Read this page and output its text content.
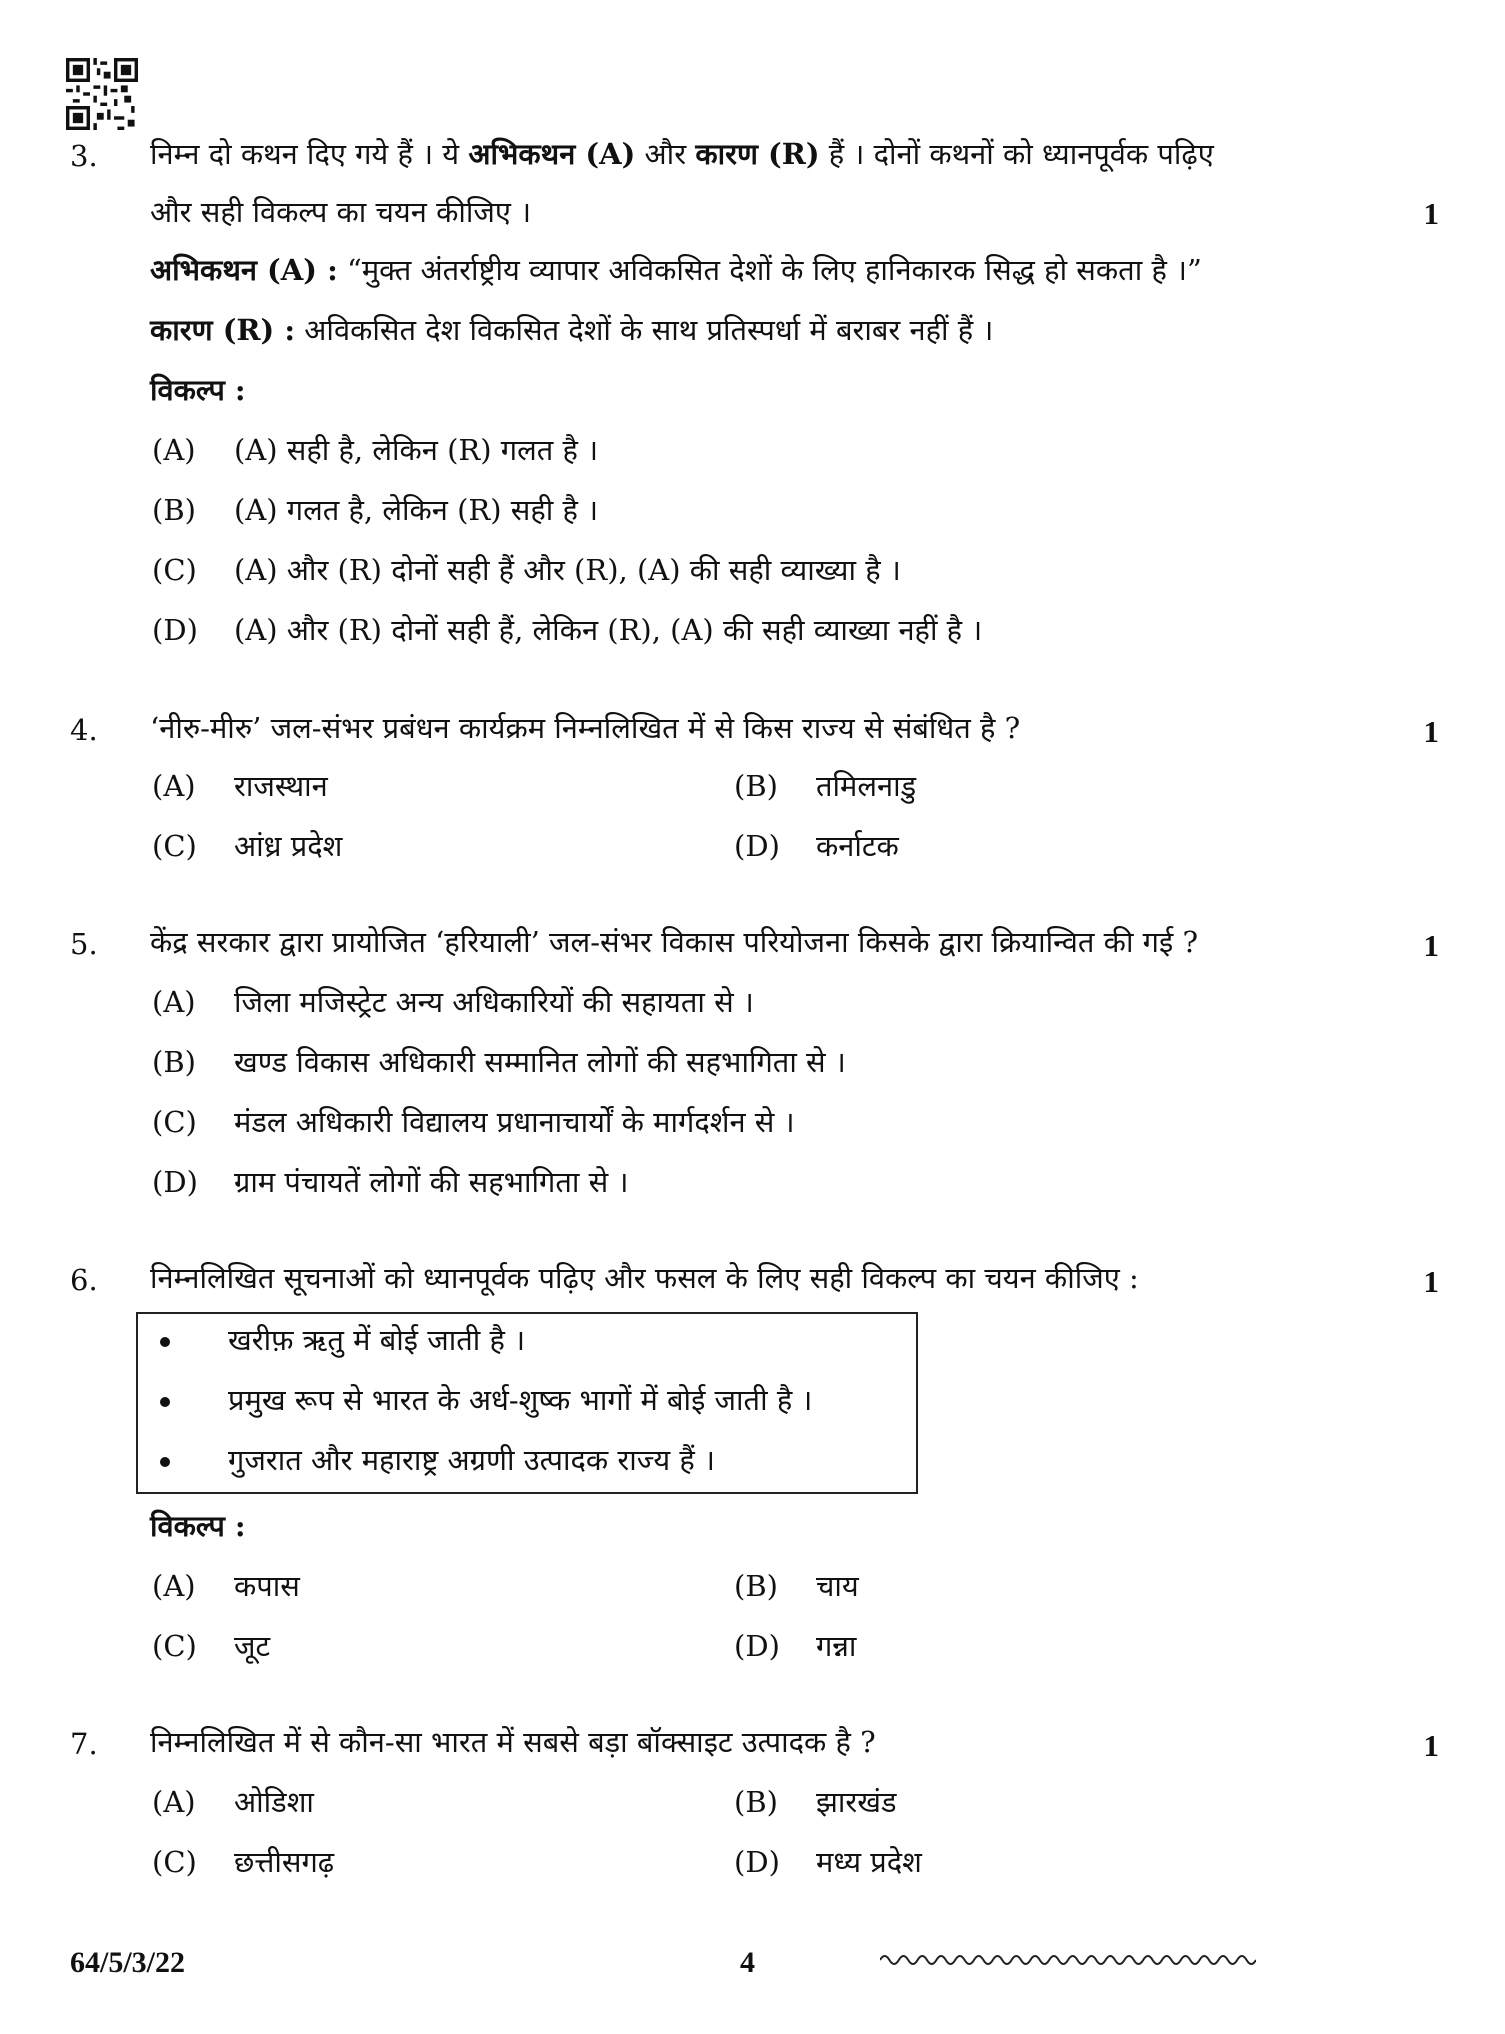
3. निम्न दो कथन दिए गये हैं । ये अभिकथन (A) और कारण (R) हैं । दोनों कथनों को ध्यानपूर्वक पढ़िए
और सही विकल्प का चयन कीजिए ।	1
अभिकथन (A) : “मुक्त अंतर्राष्ट्रीय व्यापार अविकसित देशों के लिए हानिकारक सिद्ध हो सकता है ।”
कारण (R) : अविकसित देश विकसित देशों के साथ प्रतिस्पर्धा में बराबर नहीं हैं ।
विकल्प :
(A) (A) सही है, लेकिन (R) गलत है ।
(B) (A) गलत है, लेकिन (R) सही है ।
(C) (A) और (R) दोनों सही हैं और (R), (A) की सही व्याख्या है ।
(D) (A) और (R) दोनों सही हैं, लेकिन (R), (A) की सही व्याख्या नहीं है ।
4. ‘नीरु-मीरु’ जल-संभर प्रबंधन कार्यक्रम निम्नलिखित में से किस राज्य से संबंधित है ?	1
(A) राजस्थान	(B) तमिलनाडु
(C) आंध्र प्रदेश	(D) कर्नाटक
5. केंद्र सरकार द्वारा प्रायोजित ‘हरियाली’ जल-संभर विकास परियोजना किसके द्वारा क्रियान्वित की गई ?	1
(A) जिला मजिस्ट्रेट अन्य अधिकारियों की सहायता से ।
(B) खण्ड विकास अधिकारी सम्मानित लोगों की सहभागिता से ।
(C) मंडल अधिकारी विद्यालय प्रधानाचार्यों के मार्गदर्शन से ।
(D) ग्राम पंचायतें लोगों की सहभागिता से ।
6. निम्नलिखित सूचनाओं को ध्यानपूर्वक पढ़िए और फसल के लिए सही विकल्प का चयन कीजिए :	1
खरीफ़ ऋतु में बोई जाती है ।
प्रमुख रूप से भारत के अर्ध-शुष्क भागों में बोई जाती है ।
गुजरात और महाराष्ट्र अग्रणी उत्पादक राज्य हैं ।
विकल्प :
(A) कपास	(B) चाय
(C) जूट	(D) गन्ना
7. निम्नलिखित में से कौन-सा भारत में सबसे बड़ा बॉक्साइट उत्पादक है ?	1
(A) ओडिशा	(B) झारखंड
(C) छत्तीसगढ़	(D) मध्य प्रदेश
64/5/3/22	4
